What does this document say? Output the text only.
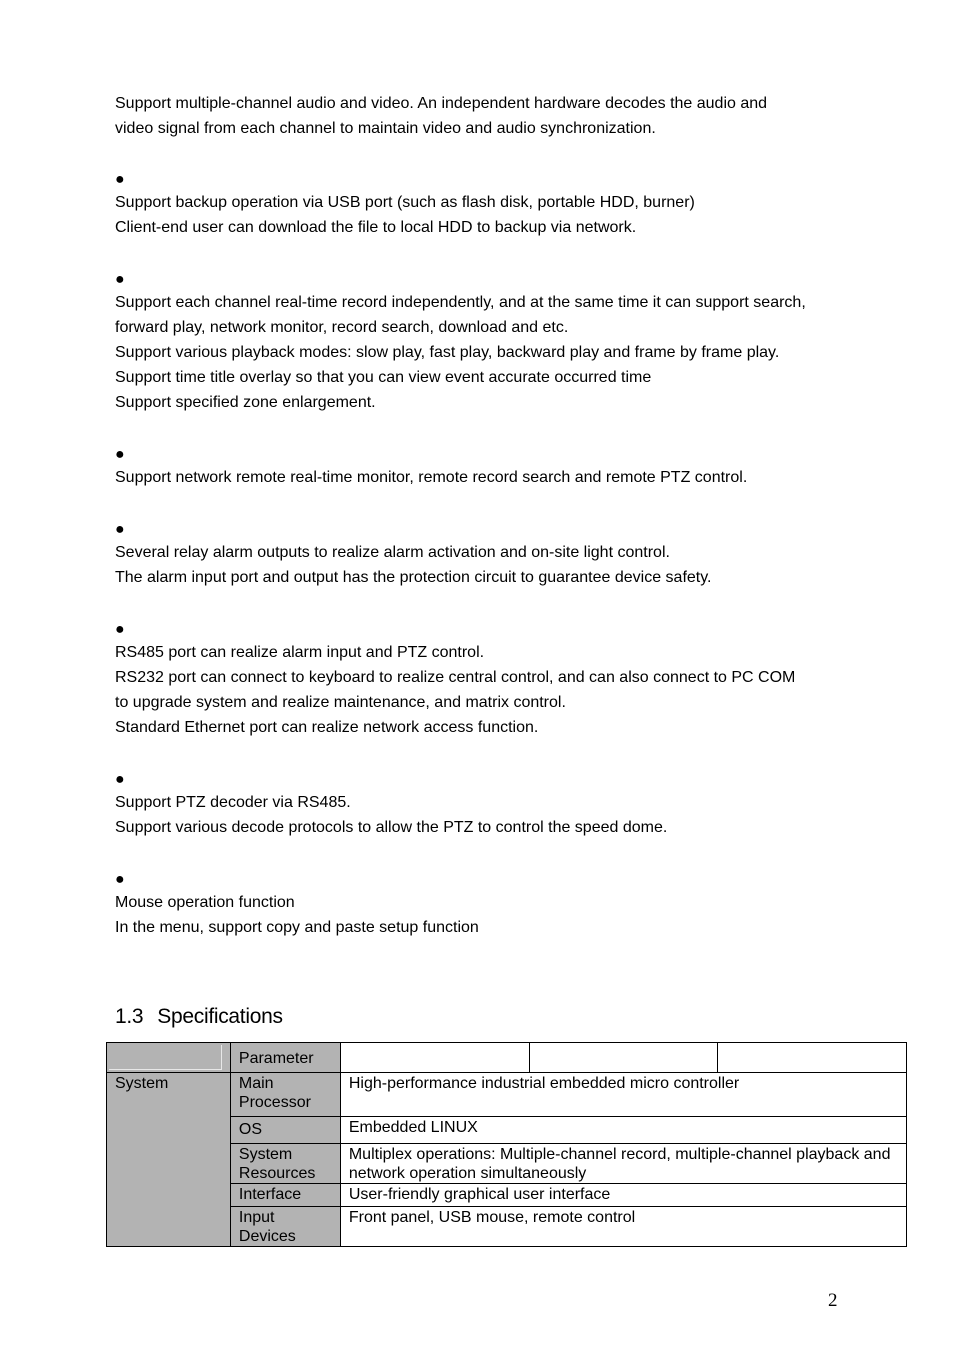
Support multiple-channel audio and video. An independent hardware decodes the audio and

video signal from each channel to maintain video and audio synchronization.

●

Support backup operation via USB port (such as flash disk, portable HDD, burner)

Client-end user can download the file to local HDD to backup via network.

●

Support each channel real-time record independently, and at the same time it can support search,

forward play, network monitor, record search, download and etc.

Support various playback modes: slow play, fast play, backward play and frame by frame play.

Support time title overlay so that you can view event accurate occurred time

Support specified zone enlargement.

●

Support network remote real-time monitor, remote record search and remote PTZ control.

●

Several relay alarm outputs to realize alarm activation and on-site light control.

The alarm input port and output has the protection circuit to guarantee device safety.

●

RS485 port can realize alarm input and PTZ control.

RS232 port can connect to keyboard to realize central control, and can also connect to PC COM

to upgrade system and realize maintenance, and matrix control.

Standard Ethernet port can realize network access function.

●

Support PTZ decoder via RS485.

Support various decode protocols to allow the PTZ to control the speed dome.

●

Mouse operation function

In the menu, support copy and paste setup function

1.3 Specifications
	Parameter			
System	Main Processor	High-performance industrial embedded micro controller		
	OS	Embedded LINUX		
	System Resources	Multiplex operations: Multiple-channel record, multiple-channel playback and network operation simultaneously		
	Interface	User-friendly graphical user interface		
	Input Devices	Front panel, USB mouse, remote control		
2
